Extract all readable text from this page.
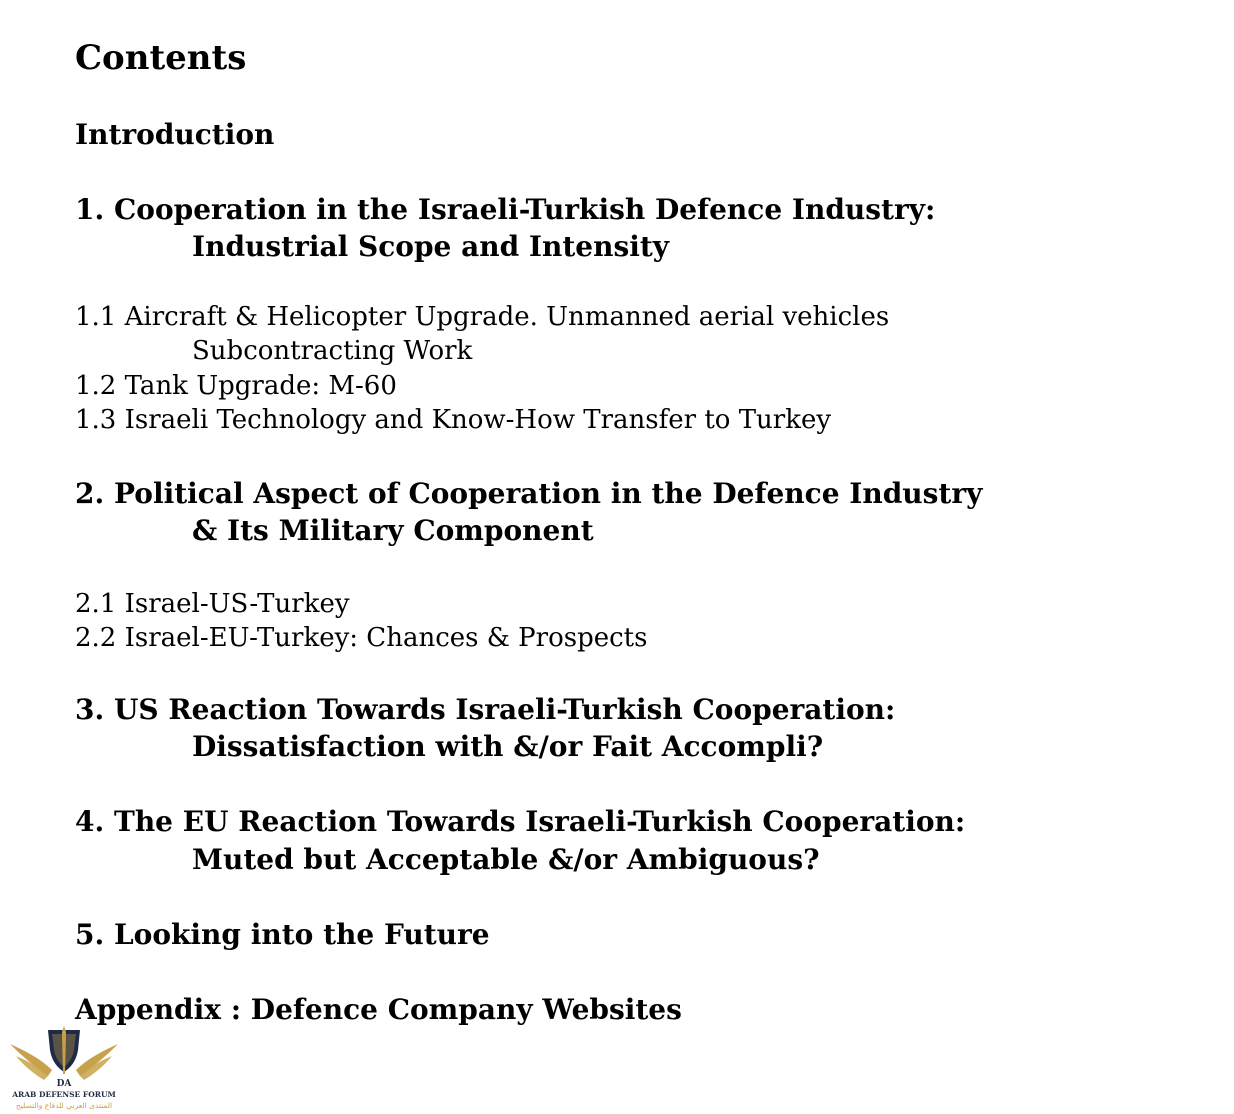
Contents

Introduction

1. Cooperation in the Israeli-Turkish Defence Industry:

Industrial Scope and Intensity

1.1 Aircraft & Helicopter Upgrade. Unmanned aerial vehicles

Subcontracting Work

1.2 Tank Upgrade: M-60

1.3 Israeli Technology and Know-How Transfer to Turkey

2. Political Aspect of Cooperation in the Defence Industry

& Its Military Component

2.1 Israel-US-Turkey

2.2 Israel-EU-Turkey: Chances & Prospects

3. US Reaction Towards Israeli-Turkish Cooperation:

Dissatisfaction with &/or Fait Accompli?

4. The EU Reaction Towards Israeli-Turkish Cooperation:

Muted but Acceptable &/or Ambiguous?

5. Looking into the Future

Appendix : Defence Company Websites

DA
ARAB DEFENSE FORUM
المنتدى العربي للدفاع والتسليح
